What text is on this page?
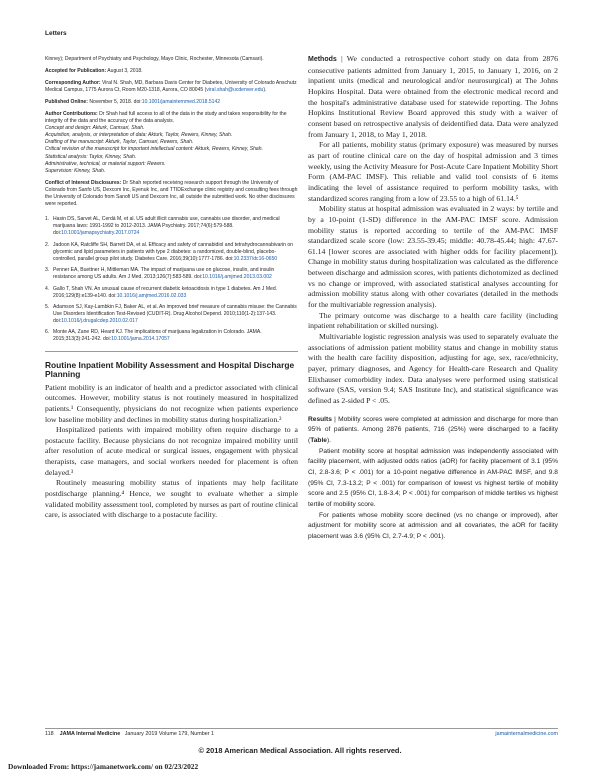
Letters

Kinney); Department of Psychiatry and Psychology, Mayo Clinic, Rochester, Minnesota (Camsari).

Accepted for Publication: August 3, 2018.

Corresponding Author: Viral N. Shah, MD, Barbara Davis Center for Diabetes, University of Colorado Anschutz Medical Campus, 1775 Aurora Ct, Room M20-1318, Aurora, CO 80045 (viral.shah@ucdenver.edu).

Published Online: November 5, 2018. doi:10.1001/jamainternmed.2018.5142

Author Contributions: Dr Shah had full access to all of the data in the study and takes responsibility for the integrity of the data and the accuracy of the data analysis.

Concept and design: Akturk, Camsari, Shah.

Acquisition, analysis, or interpretation of data: Akturk, Taylor, Rewers, Kinney, Shah.

Drafting of the manuscript: Akturk, Taylor, Camsari, Rewers, Shah.

Critical revision of the manuscript for important intellectual content: Akturk, Rewers, Kinney, Shah.

Statistical analysis: Taylor, Kinney, Shah.

Administrative, technical, or material support: Rewers.

Supervision: Kinney, Shah.

Conflict of Interest Disclosures: Dr Shah reported receiving research support through the University of Colorado from Sanfo US, Dexcom Inc, Eyenuk Inc, and TTIDExchange clinic registry and consulting fees through the University of Colorado from Sanofi US and Dexcom Inc, all outside the submitted work. No other disclosures were reported.

1. Hasin DS, Sarvet AL, Cerdá M, et al. US adult illicit cannabis use, cannabis use disorder, and medical marijuana laws: 1991-1992 to 2012-2013. JAMA Psychiatry. 2017;74(6):579-588. doi:10.1001/jamapsychiatry.2017.0724

2. Jadoon KA, Ratcliffe SH, Barrett DA, et al. Efficacy and safety of cannabidiol and tetrahydrocannabivarin on glycemic and lipid parameters in patients with type 2 diabetes: a randomized, double-blind, placebo-controlled, parallel group pilot study. Diabetes Care. 2016;39(10):1777-1786. doi:10.2337/dc16-0650

3. Penner EA, Buettner H, Mittleman MA. The impact of marijuana use on glucose, insulin, and insulin resistance among US adults. Am J Med. 2013;126(7):583-589. doi:10.1016/j.amjmed.2013.03.002

4. Gallo T, Shah VN. An unusual cause of recurrent diabetic ketoacidosis in type 1 diabetes. Am J Med. 2016;129(8):e139-e140. doi:10.1016/j.amjmed.2016.02.033

5. Adamson SJ, Kay-Lambkin FJ, Baker AL, et al. An improved brief measure of cannabis misuse: the Cannabis Use Disorders Identification Test-Revised (CUDIT-R). Drug Alcohol Depend. 2010;110(1-2):137-143. doi:10.1016/j.drugalcdep.2010.02.017

6. Monte AA, Zane RD, Heard KJ. The implications of marijuana legalization in Colorado. JAMA. 2015;313(3):241-242. doi:10.1001/jama.2014.17057

Routine Inpatient Mobility Assessment and Hospital Discharge Planning

Patient mobility is an indicator of health and a predictor associated with clinical outcomes. However, mobility status is not routinely measured in hospitalized patients.¹ Consequently, physicians do not recognize when patients experience low baseline mobility and declines in mobility status during hospitalization.²

Hospitalized patients with impaired mobility often require discharge to a postacute facility. Because physicians do not recognize impaired mobility until after resolution of acute medical or surgical issues, engagement with physical therapists, case managers, and social workers needed for placement is often delayed.³

Routinely measuring mobility status of inpatients may help facilitate postdischarge planning.⁴ Hence, we sought to evaluate whether a simple validated mobility assessment tool, completed by nurses as part of routine clinical care, is associated with discharge to a postacute facility.

Methods | We conducted a retrospective cohort study on data from 2876 consecutive patients admitted from January 1, 2015, to January 1, 2016, on 2 inpatient units (medical and neurological and/or neurosurgical) at The Johns Hopkins Hospital. Data were obtained from the electronic medical record and the hospital's administrative database used for statewide reporting. The Johns Hopkins Institutional Review Board approved this study with a waiver of consent based on retrospective analysis of deidentified data. Data were analyzed from January 1, 2018, to May 1, 2018.

For all patients, mobility status (primary exposure) was measured by nurses as part of routine clinical care on the day of hospital admission and 3 times weekly, using the Activity Measure for Post-Acute Care Inpatient Mobility Short Form (AM-PAC IMSF). This reliable and valid tool consists of 6 items indicating the level of assistance required to perform mobility tasks, with standardized scores ranging from a low of 23.55 to a high of 61.14.⁵

Mobility status at hospital admission was evaluated in 2 ways: by tertile and by a 10-point (1-SD) difference in the AM-PAC IMSF score. Admission mobility status is reported according to tertile of the AM-PAC IMSF standardized scale score (low: 23.55-39.45; middle: 40.78-45.44; high: 47.67-61.14 [lower scores are associated with higher odds for facility placement]). Change in mobility status during hospitalization was calculated as the difference between discharge and admission scores, with patients dichotomized as declined vs no change or improved, with associated statistical analyses accounting for admission mobility status along with other covariates (detailed in the methods for the multivariable regression analysis).

The primary outcome was discharge to a health care facility (including inpatient rehabilitation or skilled nursing).

Multivariable logistic regression analysis was used to separately evaluate the associations of admission patient mobility status and change in mobility status with the health care facility disposition, adjusting for age, sex, race/ethnicity, payer, primary diagnoses, and Agency for Health-care Research and Quality Elixhauser comorbidity index. Data analyses were performed using statistical software (SAS, version 9.4; SAS Institute Inc), and statistical significance was defined as 2-sided P < .05.

Results | Mobility scores were completed at admission and discharge for more than 95% of patients. Among 2876 patients, 716 (25%) were discharged to a facility (Table).

Patient mobility score at hospital admission was independently associated with facility placement, with adjusted odds ratios (aOR) for facility placement of 3.1 (95% CI, 2.8-3.6; P < .001) for a 10-point negative difference in AM-PAC IMSF, and 9.8 (95% CI, 7.3-13.2; P < .001) for comparison of lowest vs highest tertile of mobility score and 2.5 (95% CI, 1.8-3.4; P < .001) for comparison of middle tertiles vs highest tertile of mobility score.

For patients whose mobility score declined (vs no change or improved), after adjustment for mobility score at admission and all covariates, the aOR for facility placement was 3.6 (95% CI, 2.7-4.9; P < .001).

118 JAMA Internal Medicine January 2019 Volume 179, Number 1	jamainternalmedicine.com
© 2018 American Medical Association. All rights reserved.
Downloaded From: https://jamanetwork.com/ on 02/23/2022
